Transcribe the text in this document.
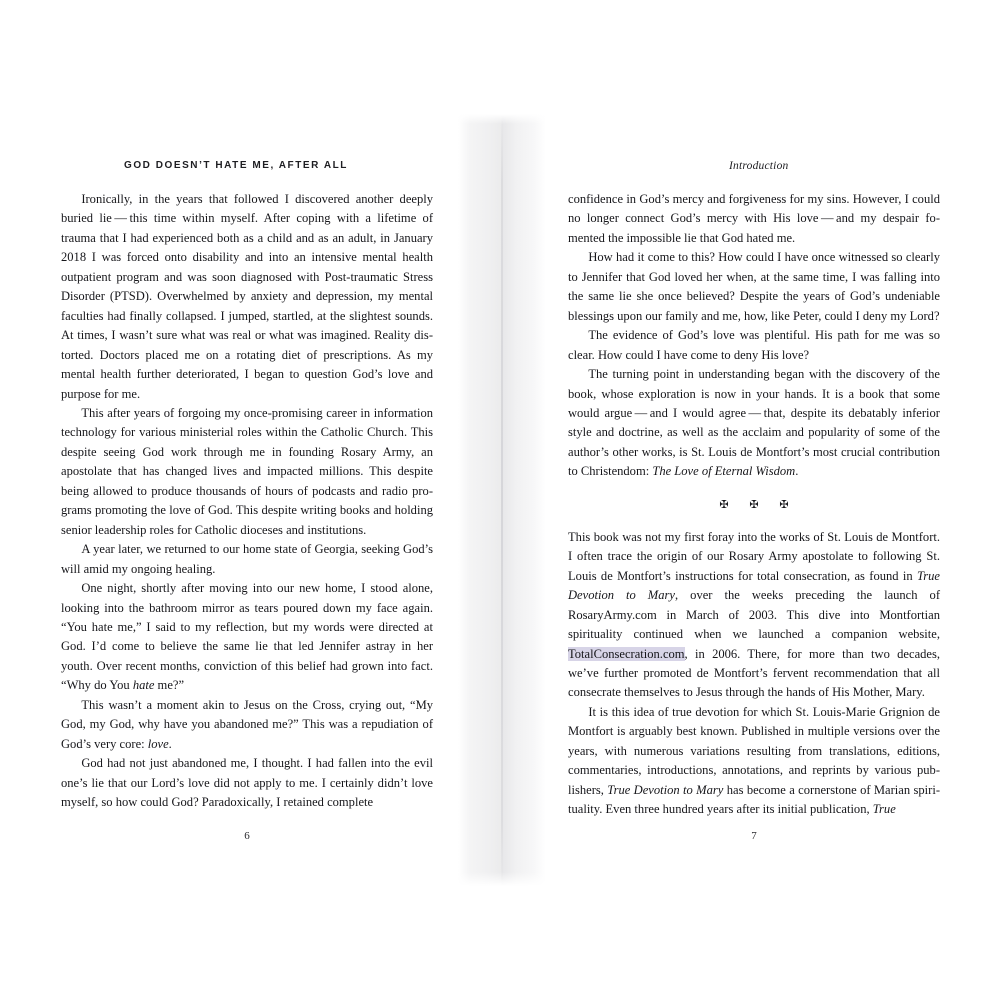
GOD DOESN’T HATE ME, AFTER ALL

Ironically, in the years that followed I discovered another deeply buried lie — this time within myself. After coping with a lifetime of trauma that I had experienced both as a child and as an adult, in January 2018 I was forced onto disability and into an intensive mental health outpatient program and was soon diagnosed with Post-traumatic Stress Disorder (PTSD). Overwhelmed by anxiety and depression, my mental faculties had finally collapsed. I jumped, startled, at the slightest sounds. At times, I wasn’t sure what was real or what was imagined. Reality distorted. Doctors placed me on a rotating diet of prescriptions. As my mental health further deteriorated, I began to question God’s love and purpose for me.

This after years of forgoing my once-promising career in information technology for various ministerial roles within the Catholic Church. This despite seeing God work through me in founding Rosary Army, an apostolate that has changed lives and impacted millions. This despite being allowed to produce thousands of hours of podcasts and radio programs promoting the love of God. This despite writing books and holding senior leadership roles for Catholic dioceses and institutions.

A year later, we returned to our home state of Georgia, seeking God’s will amid my ongoing healing.

One night, shortly after moving into our new home, I stood alone, looking into the bathroom mirror as tears poured down my face again. “You hate me,” I said to my reflection, but my words were directed at God. I’d come to believe the same lie that led Jennifer astray in her youth. Over recent months, conviction of this belief had grown into fact. “Why do You hate me?”

This wasn’t a moment akin to Jesus on the Cross, crying out, “My God, my God, why have you abandoned me?” This was a repudiation of God’s very core: love.

God had not just abandoned me, I thought. I had fallen into the evil one’s lie that our Lord’s love did not apply to me. I certainly didn’t love myself, so how could God? Paradoxically, I retained complete

6
Introduction

confidence in God’s mercy and forgiveness for my sins. However, I could no longer connect God’s mercy with His love — and my despair fomented the impossible lie that God hated me.

How had it come to this? How could I have once witnessed so clearly to Jennifer that God loved her when, at the same time, I was falling into the same lie she once believed? Despite the years of God’s undeniable blessings upon our family and me, how, like Peter, could I deny my Lord?

The evidence of God’s love was plentiful. His path for me was so clear. How could I have come to deny His love?

The turning point in understanding began with the discovery of the book, whose exploration is now in your hands. It is a book that some would argue — and I would agree — that, despite its debatably inferior style and doctrine, as well as the acclaim and popularity of some of the author’s other works, is St. Louis de Montfort’s most crucial contribution to Christendom: The Love of Eternal Wisdom.

✠ ✠ ✠

This book was not my first foray into the works of St. Louis de Montfort. I often trace the origin of our Rosary Army apostolate to following St. Louis de Montfort’s instructions for total consecration, as found in True Devotion to Mary, over the weeks preceding the launch of RosaryArmy.com in March of 2003. This dive into Montfortian spirituality continued when we launched a companion website, TotalConsecration.com, in 2006. There, for more than two decades, we’ve further promoted de Montfort’s fervent recommendation that all consecrate themselves to Jesus through the hands of His Mother, Mary.

It is this idea of true devotion for which St. Louis-Marie Grignion de Montfort is arguably best known. Published in multiple versions over the years, with numerous variations resulting from translations, editions, commentaries, introductions, annotations, and reprints by various publishers, True Devotion to Mary has become a cornerstone of Marian spirituality. Even three hundred years after its initial publication, True

7
